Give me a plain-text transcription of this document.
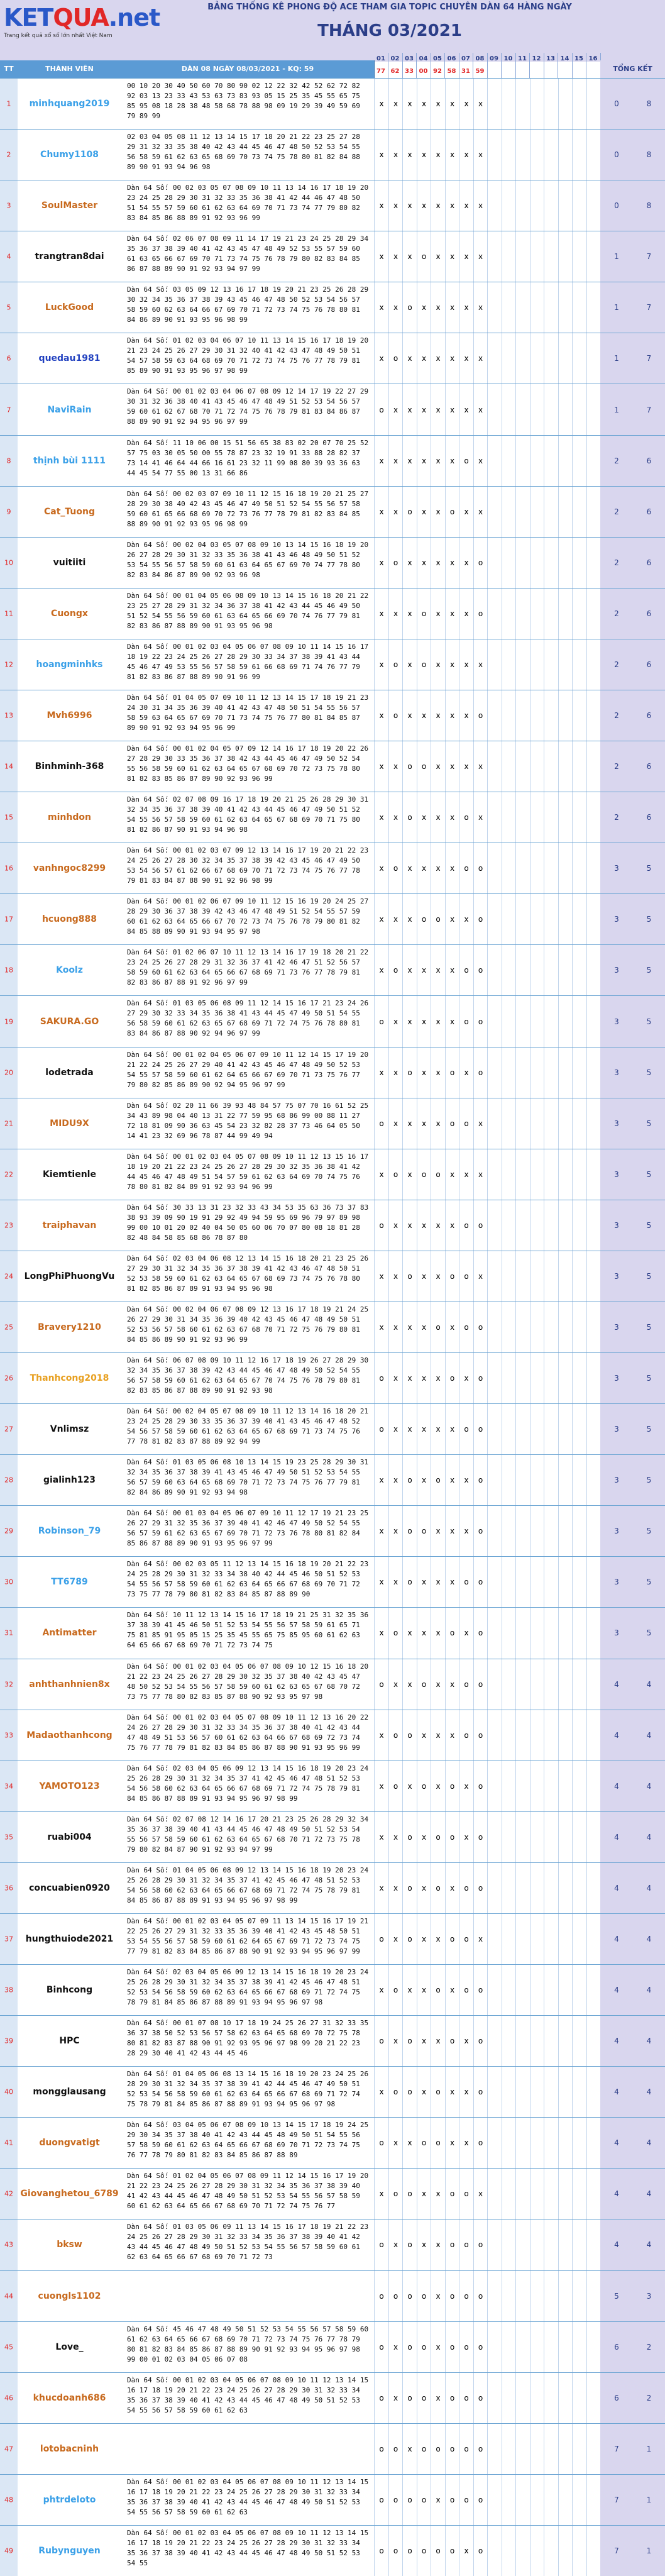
KETQUA.net
Trang kết quả xổ số lớn nhất Việt Nam
BẢNG THỐNG KÊ PHONG ĐỘ ACE THAM GIA TOPIC CHUYÊN DÀN 64 HÀNG NGÀY
THÁNG 03/2021
TT	THÀNH VIÊN	DÀN 08 NGÀY 08/03/2021 - KQ: 59
01
77
02
62
03
33
04
00
05
92
06
58
07
31
08
59
09 10 11 12 13 14 15 16
TỔNG KẾT
1	minhquang2019
00 10 20 30 40 50 60 70 80 90 02 12 22 32 42 52 62 72 82 92 03 13 23 33 43 53 63 73 83 93 05 15 25 35 45 55 65 75 85 95 08 18 28 38 48 58 68 78 88 98 09 19 29 39 49 59 69 79 89 99
x	x	x	x	x	x	x	x	0	8
2	Chumy1108
02 03 04 05 08 11 12 13 14 15 17 18 20 21 22 23 25 27 28 29 31 32 33 35 38 40 42 43 44 45 46 47 48 50 52 53 54 55 56 58 59 61 62 63 65 68 69 70 73 74 75 78 80 81 82 84 88 89 90 91 93 94 96 98
x	x	x	x	x	x	x	x	0	8
3	SoulMaster
Dàn 64 Số: 00 02 03 05 07 08 09 10 11 13 14 16 17 18 19 20 23 24 25 28 29 30 31 32 33 35 36 38 41 42 44 46 47 48 50 51 54 55 57 59 60 61 62 63 64 69 70 71 73 74 77 79 80 82 83 84 85 86 88 89 91 92 93 96 99
x	x	x	x	x	x	x	x	0	8
4	trangtran8dai
Dàn 64 Số: 02 06 07 08 09 11 14 17 19 21 23 24 25 28 29 34 35 36 37 38 39 40 41 42 43 45 47 48 49 52 53 55 57 59 60 61 63 65 66 67 69 70 71 73 74 75 76 78 79 80 82 83 84 85 86 87 88 89 90 91 92 93 94 97 99
x	x	x	o	x	x	x	x	1	7
5	LuckGood
Dàn 64 Số: 03 05 09 12 13 16 17 18 19 20 21 23 25 26 28 29 30 32 34 35 36 37 38 39 43 45 46 47 48 50 52 53 54 56 57 58 59 60 62 63 64 66 67 69 70 71 72 73 74 75 76 78 80 81 84 86 89 90 91 93 95 96 98 99
x	x	o	x	x	x	x	x	1	7
6	quedau1981
Dàn 64 Số: 01 02 03 04 06 07 10 11 13 14 15 16 17 18 19 20 21 23 24 25 26 27 29 30 31 32 40 41 42 43 47 48 49 50 51 54 57 58 59 63 64 68 69 70 71 72 73 74 75 76 77 78 79 81 85 89 90 91 93 95 96 97 98 99
x	o	x	x	x	x	x	x	1	7
7	NaviRain
Dàn 64 Số: 00 01 02 03 04 06 07 08 09 12 14 17 19 22 27 29 30 31 32 36 38 40 41 43 45 46 47 48 49 51 52 53 54 56 57 59 60 61 62 67 68 70 71 72 74 75 76 78 79 81 83 84 86 87 88 89 90 91 92 94 95 96 97 99
o	x	x	x	x	x	x	x	1	7
8	thịnh bùi 1111
Dàn 64 Số: 11 10 06 00 15 51 56 65 38 83 02 20 07 70 25 52 57 75 03 30 05 50 00 55 78 87 23 32 19 91 33 88 28 82 37 73 14 41 46 64 44 66 16 61 23 32 11 99 08 80 39 93 36 63 44 45 54 77 55 00 13 31 66 86
x	x	x	x	x	x	o	x	2	6
9	Cat_Tuong
Dàn 64 Số: 00 02 03 07 09 10 11 12 15 16 18 19 20 21 25 27 28 29 30 38 40 42 43 45 46 47 49 50 51 52 54 55 56 57 58 59 60 61 65 66 68 69 70 72 73 76 77 78 79 81 82 83 84 85 88 89 90 91 92 93 95 96 98 99
x	x	o	x	x	o	x	x	2	6
10	vuitiiti
Dàn 64 Số: 00 02 04 03 05 07 08 09 10 13 14 15 16 18 19 20 26 27 28 29 30 31 32 33 35 36 38 41 43 46 48 49 50 51 52 53 54 55 56 57 58 59 60 61 63 64 65 67 69 70 74 77 78 80 82 83 84 86 87 89 90 92 93 96 98
x	o	x	x	x	x	x	o	2	6
11	Cuongx
Dàn 64 Số: 00 01 04 05 06 08 09 10 13 14 15 16 18 20 21 22 23 25 27 28 29 31 32 34 36 37 38 41 42 43 44 45 46 49 50 51 52 54 55 56 59 60 61 63 64 65 66 69 70 74 76 77 79 81 82 83 86 87 88 89 90 91 93 95 96 98
x	x	x	o	x	x	x	o	2	6
12	hoangminhks
Dàn 64 Số: 00 01 02 03 04 05 06 07 08 09 10 11 14 15 16 17 18 19 22 23 24 25 26 27 28 29 30 33 34 37 38 39 41 43 44 45 46 47 49 53 55 56 57 58 59 61 66 68 69 71 74 76 77 79 81 82 83 86 87 88 89 90 91 96 99
x	o	x	o	x	x	x	x	2	6
13	Mvh6996
Dàn 64 Số: 01 04 05 07 09 10 11 12 13 14 15 17 18 19 21 23 24 30 31 34 35 36 39 40 41 42 43 47 48 50 51 54 55 56 57 58 59 63 64 65 67 69 70 71 73 74 75 76 77 80 81 84 85 87 89 90 91 92 93 94 95 96 99
x	o	x	x	x	x	x	o	2	6
14	Binhminh-368
Dàn 64 Số: 00 01 02 04 05 07 09 12 14 16 17 18 19 20 22 26 27 28 29 30 33 35 36 37 38 42 43 44 45 46 47 49 50 52 54 55 56 58 59 60 61 62 63 64 65 67 68 69 70 72 73 75 78 80 81 82 83 85 86 87 89 90 92 93 96 99
x	x	o	o	x	x	x	x	2	6
15	minhdon
Dàn 64 Số: 02 07 08 09 16 17 18 19 20 21 25 26 28 29 30 31 32 34 35 36 37 38 39 40 41 42 43 44 45 46 47 49 50 51 52 54 55 56 57 58 59 60 61 62 63 64 65 67 68 69 70 71 75 80 81 82 86 87 90 91 93 94 96 98
x	x	o	x	x	x	o	x	2	6
16	vanhngoc8299
Dàn 64 Số: 00 01 02 03 07 09 12 13 14 16 17 19 20 21 22 23 24 25 26 27 28 30 32 34 35 37 38 39 42 43 45 46 47 49 50 53 54 56 57 61 62 66 67 68 69 70 71 72 73 74 75 76 77 78 79 81 83 84 87 88 90 91 92 96 98 99
x	o	x	x	x	x	o	o	3	5
17	hcuong888
Dàn 64 Số: 00 01 02 06 07 09 10 11 12 15 16 19 20 24 25 27 28 29 30 36 37 38 39 42 43 46 47 48 49 51 52 54 55 57 59 60 61 62 63 64 65 66 67 70 72 73 74 75 76 78 79 80 81 82 84 85 88 89 90 91 93 94 95 97 98
x	x	x	o	o	x	x	o	3	5
18	Koolz
Dàn 64 Số: 01 02 06 07 10 11 12 13 14 16 17 19 18 20 21 22 23 24 25 26 27 28 29 31 32 36 37 41 42 46 47 51 52 56 57 58 59 60 61 62 63 64 65 66 67 68 69 71 73 76 77 78 79 81 82 83 86 87 88 91 92 96 97 99
x	o	x	x	x	x	o	o	3	5
19	SAKURA.GO
Dàn 64 Số: 01 03 05 06 08 09 11 12 14 15 16 17 21 23 24 26 27 29 30 32 33 34 35 36 38 41 43 44 45 47 49 50 51 54 55 56 58 59 60 61 62 63 65 67 68 69 71 72 74 75 76 78 80 81 83 84 86 87 88 90 92 94 96 97 99
o	x	x	x	x	x	o	o	3	5
20	lodetrada
Dàn 64 Số: 00 01 02 04 05 06 07 09 10 11 12 14 15 17 19 20 21 22 24 25 26 27 29 40 41 42 43 45 46 47 48 49 50 52 53 54 55 57 58 59 60 61 62 64 65 66 67 69 70 71 73 75 76 77 79 80 82 85 86 89 90 92 94 95 96 97 99
x	x	o	x	x	o	x	o	3	5
21	MIDU9X
Dàn 64 Số: 02 20 11 66 39 93 48 84 57 75 07 70 16 61 52 25 34 43 89 98 04 40 13 31 22 77 59 95 68 86 99 00 88 11 27 72 18 81 09 90 36 63 45 54 23 32 82 28 37 73 46 64 05 50 14 41 23 32 69 96 78 87 44 99 49 94
o	x	x	x	x	o	o	x	3	5
22	Kiemtienle
Dàn 64 Số: 00 01 02 03 04 05 07 08 09 10 11 12 13 15 16 17 18 19 20 21 22 23 24 25 26 27 28 29 30 32 35 36 38 41 42 44 45 46 47 48 49 51 54 57 59 61 62 63 64 69 70 74 75 76 78 80 81 82 84 89 91 92 93 94 96 99
x	o	x	o	o	x	x	x	3	5
23	traiphavan
Dàn 64 Số: 30 33 13 31 23 32 33 43 34 53 35 63 36 73 37 83 38 93 39 09 90 19 91 29 92 49 94 59 95 69 96 79 97 89 98 99 00 10 01 20 02 40 04 50 05 60 06 70 07 80 08 18 81 28 82 48 84 58 85 68 86 78 87 80
o	x	x	x	x	x	o	o	3	5
24	LongPhiPhuongVu
Dàn 64 Số: 02 03 04 06 08 12 13 14 15 16 18 20 21 23 25 26 27 29 30 31 32 34 35 36 37 38 39 41 42 43 46 47 48 50 51 52 53 58 59 60 61 62 63 64 65 67 68 69 73 74 75 76 78 80 81 82 85 86 87 89 91 93 94 95 96 98
x	x	o	x	x	o	o	x	3	5
25	Bravery1210
Dàn 64 Số: 00 02 04 06 07 08 09 12 13 16 17 18 19 21 24 25 26 27 29 30 31 34 35 36 39 40 42 43 45 46 47 48 49 50 51 52 53 56 57 58 60 61 62 63 67 68 70 71 72 75 76 79 80 81 84 85 86 89 90 91 92 93 96 99
x	x	x	x	o	x	o	o	3	5
26	Thanhcong2018
Dàn 64 Số: 06 07 08 09 10 11 12 16 17 18 19 26 27 28 29 30 32 34 35 36 37 38 39 42 43 44 45 46 47 48 49 50 52 54 55 56 57 58 59 60 61 62 63 64 65 67 70 74 75 76 78 79 80 81 82 83 85 86 87 88 89 90 91 92 93 98
o	x	x	x	x	o	x	o	3	5
27	Vnlimsz
Dàn 64 Số: 00 02 04 05 07 08 09 10 11 12 13 14 16 18 20 21 23 24 25 28 29 30 33 35 36 37 39 40 41 43 45 46 47 48 52 54 56 57 58 59 60 61 62 63 64 65 67 68 69 71 73 74 75 76 77 78 81 82 83 87 88 89 92 94 99
o	x	x	x	x	x	o	o	3	5
28	gialinh123
Dàn 64 Số: 01 03 05 06 08 10 13 14 15 19 23 25 28 29 30 31 32 34 35 36 37 38 39 41 43 45 46 47 49 50 51 52 53 54 55 56 57 59 60 63 64 65 68 69 70 71 72 73 74 75 76 77 79 81 82 84 86 89 90 91 92 93 94 98
x	x	o	x	o	x	x	o	3	5
29	Robinson_79
Dàn 64 Số: 00 01 03 04 05 06 07 09 10 11 12 17 19 21 23 25 26 27 29 31 32 35 36 37 39 40 41 42 46 47 49 50 52 54 55 56 57 59 61 62 63 65 67 69 70 71 72 73 76 78 80 81 82 84 85 86 87 88 89 90 91 93 95 96 97 99
x	x	o	o	x	x	x	o	3	5
30	TT6789
Dàn 64 Số: 00 02 03 05 11 12 13 14 15 16 18 19 20 21 22 23 24 25 28 29 30 31 32 33 34 38 40 42 44 45 46 50 51 52 53 54 55 56 57 58 59 60 61 62 63 64 65 66 67 68 69 70 71 72 73 75 77 78 79 80 81 82 83 84 85 87 88 89 90
x	x	o	x	x	x	o	o	3	5
31	Antimatter
Dàn 64 Số: 10 11 12 13 14 15 16 17 18 19 21 25 31 32 35 36 37 38 39 41 45 46 50 51 52 53 54 55 56 57 58 59 61 65 71 75 81 85 91 95 05 15 25 35 45 55 65 75 85 95 60 61 62 63 64 65 66 67 68 69 70 71 72 73 74 75
x	o	x	x	x	o	x	o	3	5
32	anhthanhnien8x
Dàn 64 Số: 00 01 02 03 04 05 06 07 08 09 10 12 15 16 18 20 21 22 23 24 25 26 27 28 29 30 32 35 37 38 40 42 43 45 47 48 50 52 53 54 55 56 57 58 59 60 61 62 63 65 67 68 70 72 73 75 77 78 80 82 83 85 87 88 90 92 93 95 97 98
o	x	x	o	x	x	o	o	4	4
33	Madaothanhcong
Dàn 64 Số: 00 01 02 03 04 05 07 08 09 10 11 12 13 16 20 22 24 26 27 28 29 30 31 32 33 34 35 36 37 38 40 41 42 43 44 47 48 49 51 53 56 57 60 61 62 63 64 66 67 68 69 72 73 74 75 76 77 78 79 81 82 83 84 85 86 87 88 90 91 93 95 96 99
x	o	o	x	x	x	o	o	4	4
34	YAMOTO123
Dàn 64 Số: 02 03 04 05 06 09 12 13 14 15 16 18 19 20 23 24 25 26 28 29 30 31 32 34 35 37 41 42 45 46 47 48 51 52 53 54 56 58 60 62 63 64 65 66 67 68 69 71 72 74 75 78 79 81 84 85 86 87 88 89 91 93 94 95 96 97 98 99
x	o	x	o	x	o	x	o	4	4
35	ruabi004
Dàn 64 Số: 02 07 08 12 14 16 17 20 21 23 25 26 28 29 32 34 35 36 37 38 39 40 41 43 44 45 46 47 48 49 50 51 52 53 54 55 56 57 58 59 60 61 62 63 64 65 67 68 70 71 72 73 75 78 79 80 82 84 87 90 91 92 93 94 97 99
x	x	o	x	o	o	x	o	4	4
36	concuabien0920
Dàn 64 Số: 01 04 05 06 08 09 12 13 14 15 16 18 19 20 23 24 25 26 28 29 30 31 32 34 35 37 41 42 45 46 47 48 51 52 53 54 56 58 60 62 63 64 65 66 67 68 69 71 72 74 75 78 79 81 84 85 86 87 88 89 91 93 94 95 96 97 98 99
x	x	o	x	o	x	o	o	4	4
37	hungthuiode2021
Dàn 64 Số: 00 01 02 03 04 05 07 09 11 13 14 15 16 17 19 21 22 25 26 27 29 31 32 33 35 36 39 40 41 42 43 45 48 50 51 53 54 55 56 57 58 59 60 61 62 64 65 67 69 71 72 73 74 75 77 79 81 82 83 84 85 86 87 88 90 91 92 93 94 95 96 97 99
o	x	o	x	x	o	o	x	4	4
38	Binhcong
Dàn 64 Số: 02 03 04 05 06 09 12 13 14 15 16 18 19 20 23 24 25 26 28 29 30 31 32 34 35 37 38 39 41 42 45 46 47 48 51 52 53 54 56 58 59 60 62 63 64 65 66 67 68 69 71 72 74 75 78 79 81 84 85 86 87 88 89 91 93 94 95 96 97 98
x	o	x	x	o	x	o	o	4	4
39	HPC
Dàn 64 Số: 00 01 07 08 10 17 18 19 24 25 26 27 31 32 33 35 36 37 38 50 52 53 56 57 58 62 63 64 65 68 69 70 72 75 78 80 81 82 83 87 88 90 91 92 93 95 96 97 98 99 20 21 22 23 28 29 30 40 41 42 43 44 45 46
o	x	o	x	x	o	x	o	4	4
40	mongglausang
Dàn 64 Số: 01 04 05 06 08 13 14 15 16 18 19 20 23 24 25 26 28 29 30 31 32 34 35 37 38 39 41 42 44 45 46 47 49 50 51 52 53 54 56 58 59 60 61 62 63 64 65 66 67 68 69 71 72 74 75 78 79 81 84 85 86 87 88 89 91 93 94 95 96 97 98
x	o	o	x	o	x	x	o	4	4
41	duongvatigt
Dàn 64 Số: 03 04 05 06 07 08 09 10 13 14 15 17 18 19 24 25 29 30 34 35 37 38 40 41 42 43 44 45 48 49 50 51 54 55 56 57 58 59 60 61 62 63 64 65 66 67 68 69 70 71 72 73 74 75 76 77 78 79 80 81 82 83 84 85 86 87 88 89
o	x	x	o	o	x	x	o	4	4
42 Giovanghetou_6789
Dàn 64 Số: 01 02 04 05 06 07 08 09 11 12 14 15 16 17 19 20 21 22 23 24 25 26 27 28 29 30 31 32 34 35 36 37 38 39 40 41 42 43 44 45 46 47 48 49 50 51 52 53 54 55 56 57 58 59 60 61 62 63 64 65 66 67 68 69 70 71 72 74 75 76 77
x	o	o	x	x	o	o	x	4	4
43	bksw
Dàn 64 Số: 01 03 05 06 09 11 13 14 15 16 17 18 19 21 22 23 24 25 26 27 28 29 30 31 32 33 34 35 36 37 38 39 40 41 42 43 44 45 46 47 48 49 50 51 52 53 54 55 56 57 58 59 60 61 62 63 64 65 66 67 68 69 70 71 72 73
o	x	o	x	x	o	o	o	4	4
44	cuongls1102	o	o	o	o	x	o	o	o	5	3
45	Love_
Dàn 64 Số: 45 46 47 48 49 50 51 52 53 54 55 56 57 58 59 60 61 62 63 64 65 66 67 68 69 70 71 72 73 74 75 76 77 78 79 80 81 82 83 84 85 86 87 88 89 90 91 92 93 94 95 96 97 98 99 00 01 02 03 04 05 06 07 08
o	x	o	o	x	o	o	o	6	2
46	khucdoanh686
Dàn 64 Số: 00 01 02 03 04 05 06 07 08 09 10 11 12 13 14 15 16 17 18 19 20 21 22 23 24 25 26 27 28 29 30 31 32 33 34 35 36 37 38 39 40 41 42 43 44 45 46 47 48 49 50 51 52 53 54 55 56 57 58 59 60 61 62 63
o	x	o	o	x	o	o	o	6	2
47	lotobacninh	o	o	x	o	o	o	o	o	7	1
48	phtrdeloto
Dàn 64 Số: 00 01 02 03 04 05 06 07 08 09 10 11 12 13 14 15 16 17 18 19 20 21 22 23 24 25 26 27 28 29 30 31 32 33 34 35 36 37 38 39 40 41 42 43 44 45 46 47 48 49 50 51 52 53 54 55 56 57 58 59 60 61 62 63
o	o	o	o	x	o	o	o	7	1
49	Rubynguyen
Dàn 64 Số: 00 01 02 03 04 05 06 07 08 09 10 11 12 13 14 15 16 17 18 19 20 21 22 23 24 25 26 27 28 29 30 31 32 33 34 35 36 37 38 39 40 41 42 43 44 45 46 47 48 49 50 51 52 53 54 55
o	o	o	o	o	o	x	o	7	1
